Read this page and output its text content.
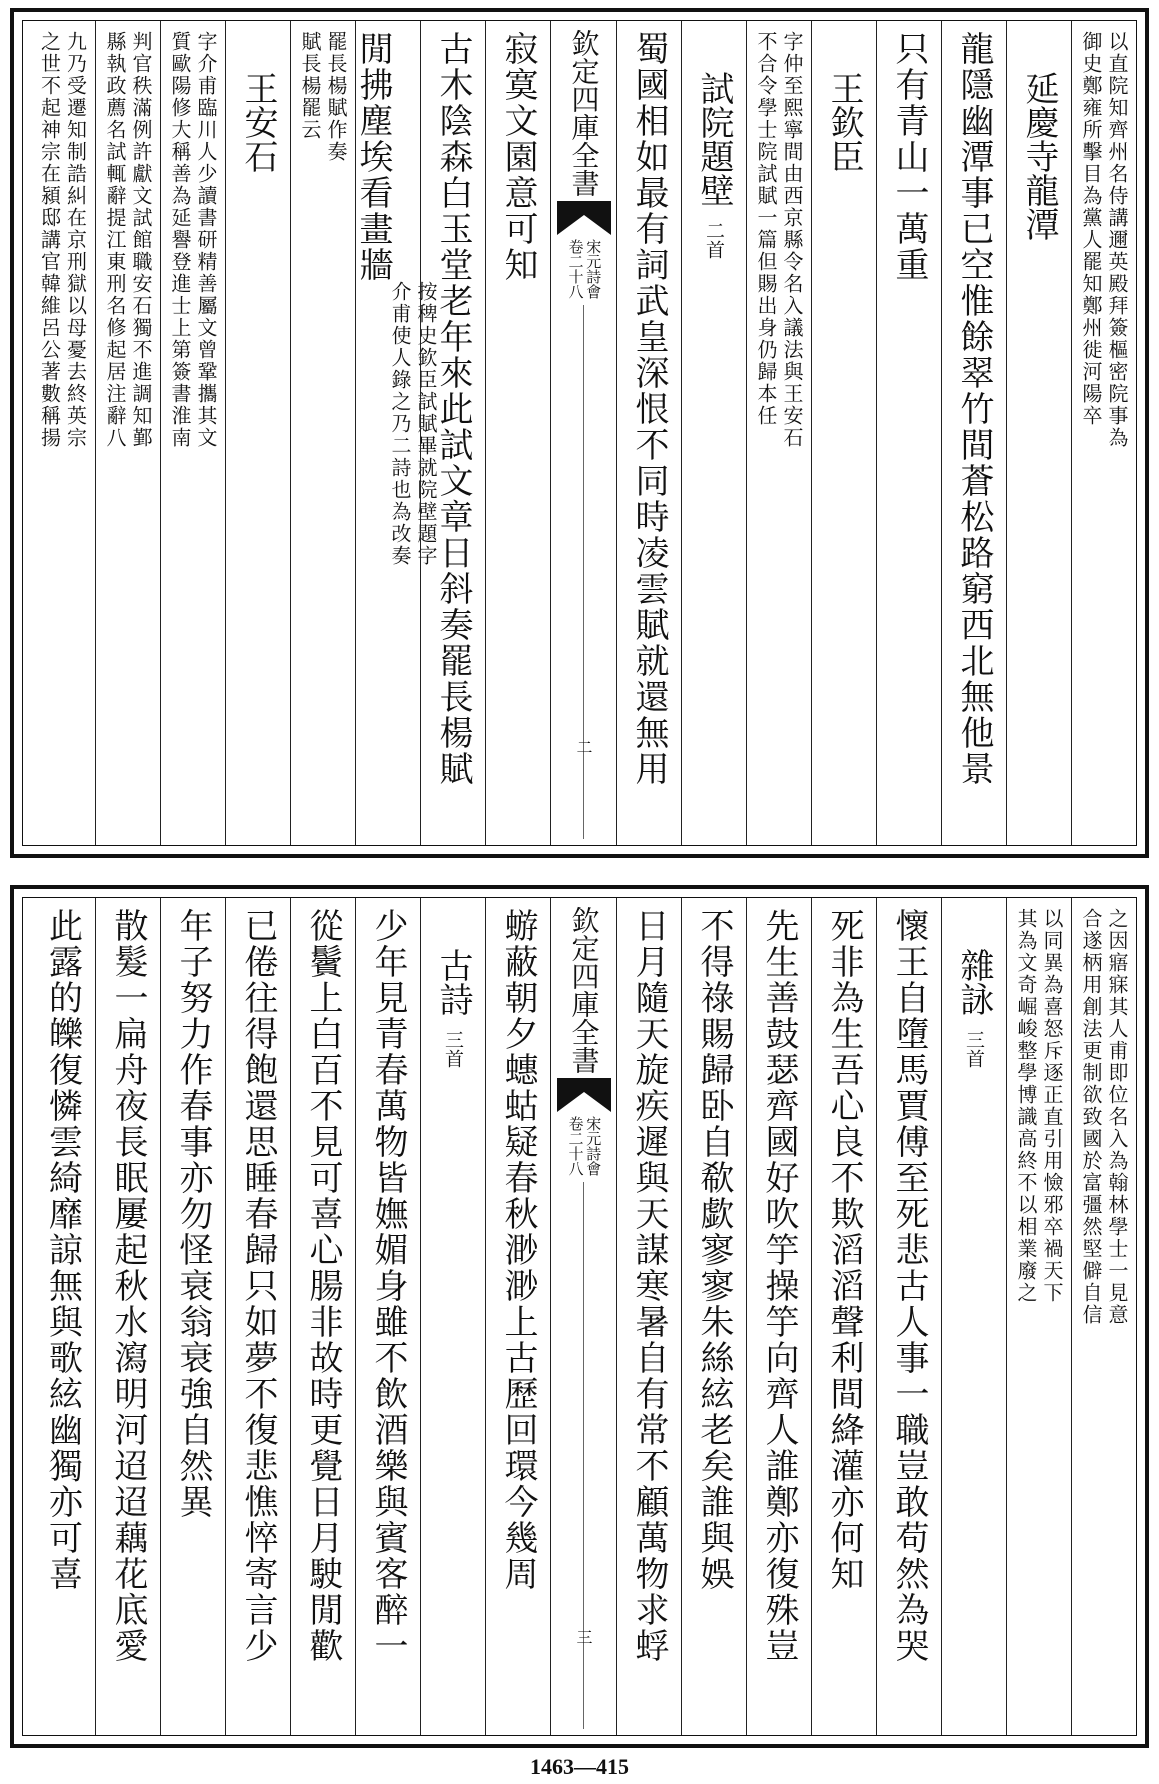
以直院知齊州名侍講邇英殿拜簽樞密院事為
御史鄭雍所擊目為黨人罷知鄭州徙河陽卒
延慶寺龍潭
龍隱幽潭事已空惟餘翠竹間蒼松路窮西北無他景
只有青山一萬重
王欽臣
字仲至熙寧間由西京縣令名入議法與王安石
不合令學士院試賦一篇但賜出身仍歸本任
試院題壁二首
蜀國相如最有詞武皇深恨不同時凌雲賦就還無用
欽定四庫全書
宋元詩會
卷二十八
二
寂寞文園意可知
古木陰森白玉堂老年來此試文章日斜奏罷長楊賦
閒拂塵埃看畫牆
按稗史欽臣試賦畢就院壁題字
介甫使人錄之乃二詩也為改奏
罷長楊賦作奏
賦長楊罷云
王安石
字介甫臨川人少讀書研精善屬文曾鞏攜其文
質歐陽修大稱善為延譽登進士上第簽書淮南
判官秩滿例許獻文試館職安石獨不進調知鄞
縣執政薦名試輒辭提江東刑名修起居注辭八
九乃受遷知制誥糾在京刑獄以母憂去終英宗
之世不起神宗在潁邸講官韓維呂公著數稱揚
之因寤寐其人甫即位名入為翰林學士一見意
合遂柄用創法更制欲致國於富彊然堅僻自信
以同異為喜怒斥逐正直引用憸邪卒禍天下
其為文奇崛峻整學博識高終不以相業廢之
雜詠三首
懷王自墮馬賈傅至死悲古人事一職豈敢苟然為哭
死非為生吾心良不欺滔滔聲利間絳灌亦何知
先生善鼓瑟齊國好吹竽操竽向齊人誰鄭亦復殊豈
不得祿賜歸卧自欷歔寥寥朱絲絃老矣誰與娛
日月隨天旋疾遲與天謀寒暑自有常不顧萬物求蜉
欽定四庫全書
宋元詩會
卷二十八
三
蝣蔽朝夕蟪蛄疑春秋渺渺上古歷回環今幾周
古詩三首
少年見青春萬物皆嫵媚身雖不飲酒樂與賓客醉一
從鬢上白百不見可喜心腸非故時更覺日月駛閒歡
已倦往得飽還思睡春歸只如夢不復悲憔悴寄言少
年子努力作春事亦勿怪衰翁衰強自然異
散髮一扁舟夜長眠屢起秋水瀉明河迢迢藕花底愛
此露的皪復憐雲綺靡諒無與歌絃幽獨亦可喜
1463—415
